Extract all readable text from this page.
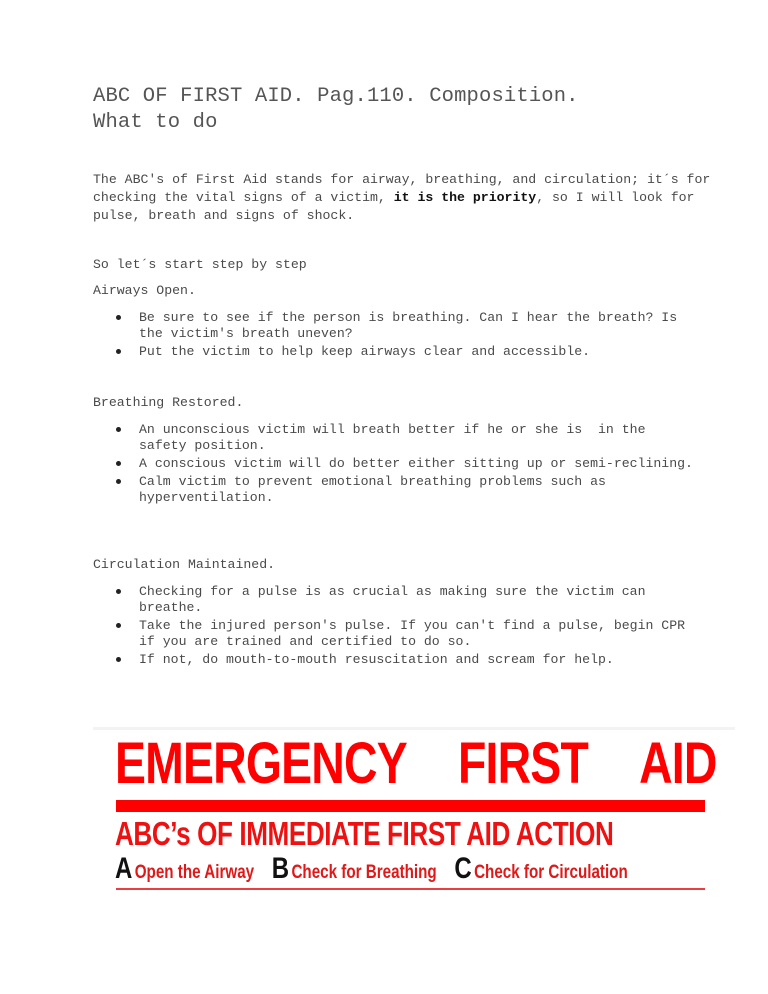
ABC OF FIRST AID. Pag.110. Composition.
What to do

The ABC's of First Aid stands for airway, breathing, and circulation; it´s for checking the vital signs of a victim, it is the priority, so I will look for pulse, breath and signs of shock.

So let´s start step by step

Airways Open.

Be sure to see if the person is breathing. Can I hear the breath? Is the victim's breath uneven?
Put the victim to help keep airways clear and accessible.

Breathing Restored.

An unconscious victim will breath better if he or she is  in the safety position.
A conscious victim will do better either sitting up or semi-reclining.
Calm victim to prevent emotional breathing problems such as hyperventilation.

Circulation Maintained.

Checking for a pulse is as crucial as making sure the victim can breathe.
Take the injured person's pulse. If you can't find a pulse, begin CPR if you are trained and certified to do so.
If not, do mouth-to-mouth resuscitation and scream for help.
EMERGENCY FIRST AID
ABC’s OF IMMEDIATE FIRST AID ACTION
A Open the Airway B Check for Breathing C Check for Circulation
